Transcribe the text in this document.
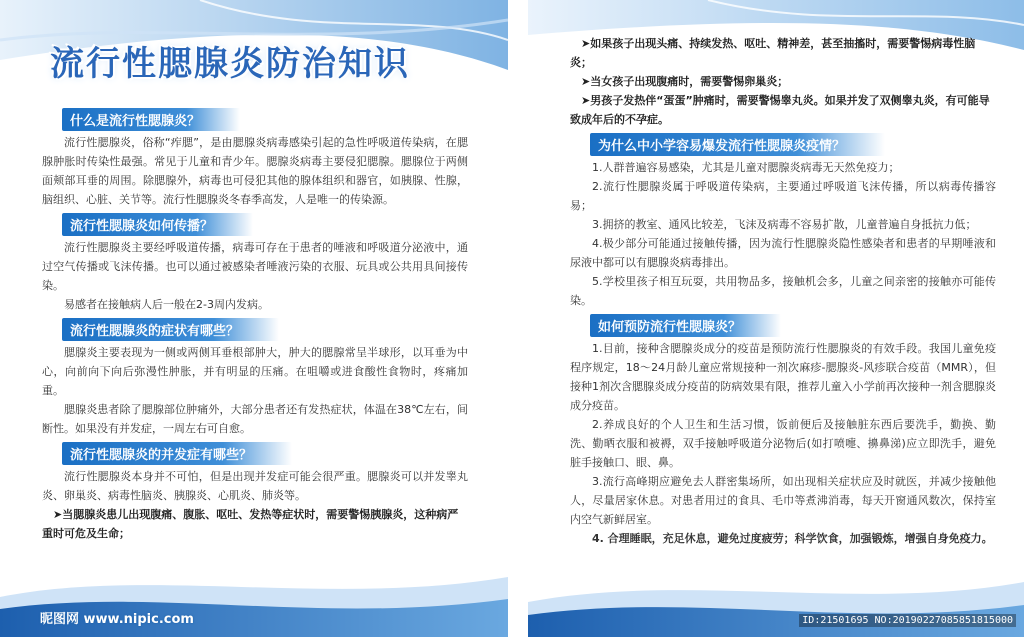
流行性腮腺炎防治知识
什么是流行性腮腺炎？

流行性腮腺炎，俗称“痄腮”，是由腮腺炎病毒感染引起的急性呼吸道传染病，在腮腺肿胀时传染性最强。常见于儿童和青少年。腮腺炎病毒主要侵犯腮腺。腮腺位于两侧面颊部耳垂的周围。除腮腺外，病毒也可侵犯其他的腺体组织和器官，如胰腺、性腺，脑组织、心脏、关节等。流行性腮腺炎冬春季高发，人是唯一的传染源。

流行性腮腺炎如何传播？

流行性腮腺炎主要经呼吸道传播，病毒可存在于患者的唾液和呼吸道分泌液中，通过空气传播或飞沫传播。也可以通过被感染者唾液污染的衣服、玩具或公共用具间接传染。

易感者在接触病人后一般在2-3周内发病。

流行性腮腺炎的症状有哪些？

腮腺炎主要表现为一侧或两侧耳垂根部肿大，肿大的腮腺常呈半球形，以耳垂为中心，向前向下向后弥漫性肿胀，并有明显的压痛。在咀嚼或进食酸性食物时，疼痛加重。

腮腺炎患者除了腮腺部位肿痛外，大部分患者还有发热症状，体温在38℃左右，间断性。如果没有并发症，一周左右可自愈。

流行性腮腺炎的并发症有哪些？

流行性腮腺炎本身并不可怕，但是出现并发症可能会很严重。腮腺炎可以并发睾丸炎、卵巢炎、病毒性脑炎、胰腺炎、心肌炎、肺炎等。

➤当腮腺炎患儿出现腹痛、腹胀、呕吐、发热等症状时，需要警惕胰腺炎，这种病严重时可危及生命；

昵图网 www.nipic.com

➤如果孩子出现头痛、持续发热、呕吐、精神差，甚至抽搐时，需要警惕病毒性脑炎；

➤当女孩子出现腹痛时，需要警惕卵巢炎；

➤男孩子发热伴“蛋蛋”肿痛时，需要警惕睾丸炎。如果并发了双侧睾丸炎，有可能导致成年后的不孕症。

为什么中小学容易爆发流行性腮腺炎疫情？

1.人群普遍容易感染，尤其是儿童对腮腺炎病毒无天然免疫力；

2.流行性腮腺炎属于呼吸道传染病，主要通过呼吸道飞沫传播，所以病毒传播容易；

3.拥挤的教室、通风比较差，飞沫及病毒不容易扩散，儿童普遍自身抵抗力低；

4.极少部分可能通过接触传播，因为流行性腮腺炎隐性感染者和患者的早期唾液和尿液中都可以有腮腺炎病毒排出。

5.学校里孩子相互玩耍，共用物品多，接触机会多，儿童之间亲密的接触亦可能传染。

如何预防流行性腮腺炎？

1.目前，接种含腮腺炎成分的疫苗是预防流行性腮腺炎的有效手段。我国儿童免疫程序规定，18～24月龄儿童应常规接种一剂次麻疹-腮腺炎-风疹联合疫苗（MMR），但接种1剂次含腮腺炎成分疫苗的防病效果有限，推荐儿童入小学前再次接种一剂含腮腺炎成分疫苗。

2.养成良好的个人卫生和生活习惯，饭前便后及接触脏东西后要洗手，勤换、勤洗、勤晒衣服和被褥，双手接触呼吸道分泌物后(如打喷嚏、擤鼻涕)应立即洗手，避免脏手接触口、眼、鼻。

3.流行高峰期应避免去人群密集场所，如出现相关症状应及时就医，并减少接触他人，尽量居家休息。对患者用过的食具、毛巾等煮沸消毒，每天开窗通风数次，保持室内空气新鲜居室。

4. 合理睡眠，充足休息，避免过度疲劳；科学饮食，加强锻炼，增强自身免疫力。

ID:21501695 NO:20190227085851815000
